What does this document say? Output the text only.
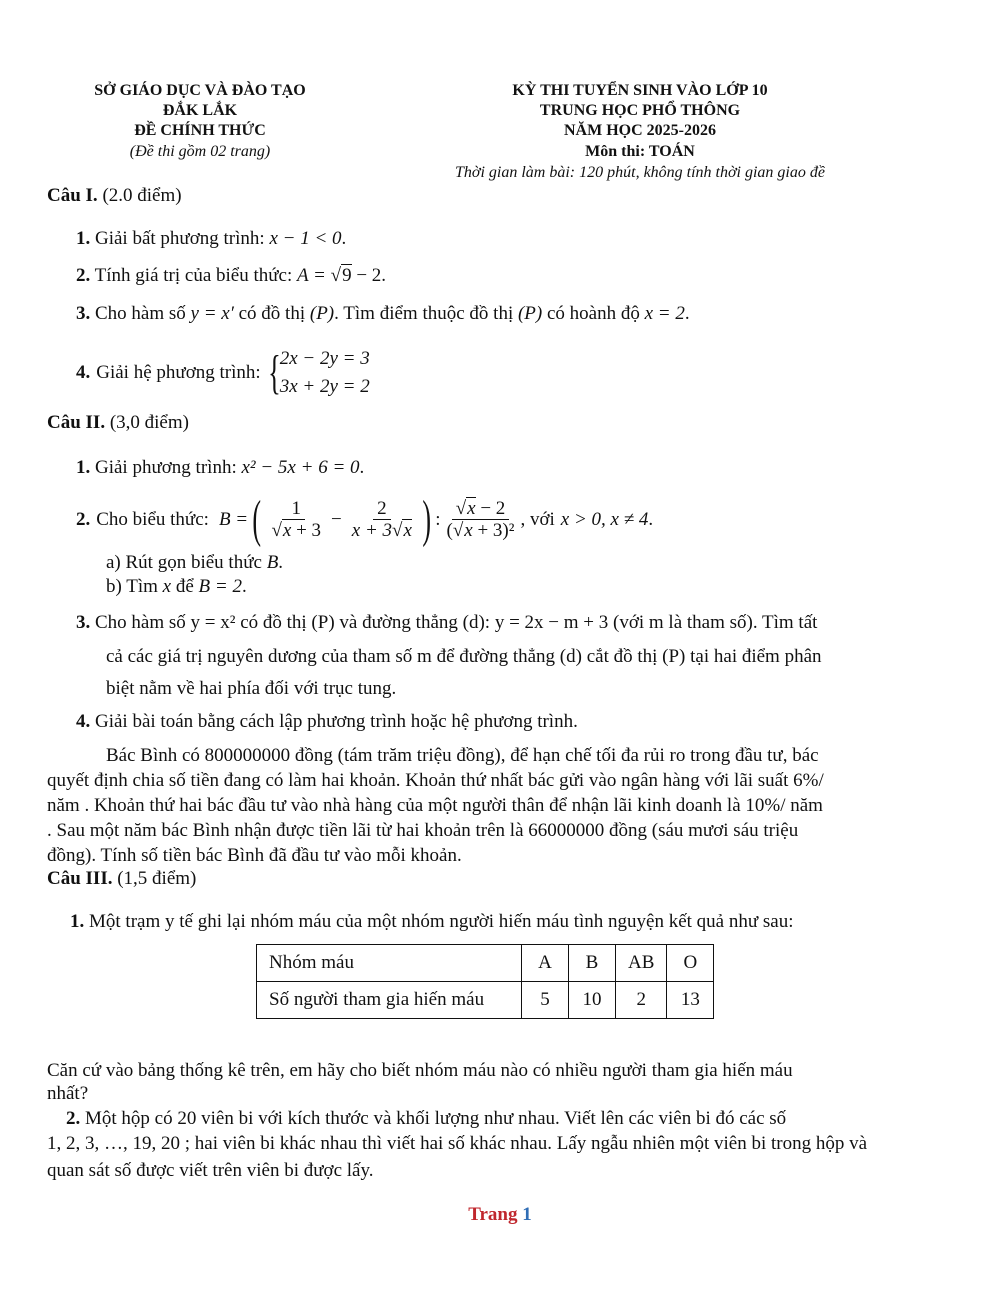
SỞ GIÁO DỤC VÀ ĐÀO TẠO
ĐẮK LẮK
ĐỀ CHÍNH THỨC
(Đề thi gồm 02 trang)
KỲ THI TUYỂN SINH VÀO LỚP 10
TRUNG HỌC PHỔ THÔNG
NĂM HỌC 2025-2026
Môn thi: TOÁN
Thời gian làm bài: 120 phút, không tính thời gian giao đề
Câu I. (2.0 điểm)
1. Giải bất phương trình: x − 1 < 0.
2. Tính giá trị của biểu thức: A = √9 − 2.
3. Cho hàm số y = x′ có đồ thị (P). Tìm điểm thuộc đồ thị (P) có hoành độ x = 2.
4. Giải hệ phương trình: { 2x − 2y = 3
3x + 2y = 2
Câu II. (3,0 điểm)
1. Giải phương trình: x² − 5x + 6 = 0.
2. Cho biểu thức: B = ( $\frac{1}{√x + 3} - \frac{2}{x + 3√x}$ ) : $\frac{√x - 2}{\text{(√x + 3)²}}$ , với x > 0, x ≠ 4 .
a) Rút gọn biểu thức B.
b) Tìm x để B = 2.
3. Cho hàm số y = x² có đồ thị (P) và đường thẳng (d): y = 2x − m + 3 (với m là tham số). Tìm tất
cả các giá trị nguyên dương của tham số m để đường thẳng (d) cắt đồ thị (P) tại hai điểm phân
biệt nằm về hai phía đối với trục tung.
4. Giải bài toán bằng cách lập phương trình hoặc hệ phương trình.
Bác Bình có 800000000 đồng (tám trăm triệu đồng), để hạn chế tối đa rủi ro trong đầu tư, bác
quyết định chia số tiền đang có làm hai khoản. Khoản thứ nhất bác gửi vào ngân hàng với lãi suất 6%/
năm . Khoản thứ hai bác đầu tư vào nhà hàng của một người thân để nhận lãi kinh doanh là 10%/ năm
. Sau một năm bác Bình nhận được tiền lãi từ hai khoản trên là 66000000 đồng (sáu mươi sáu triệu
đồng). Tính số tiền bác Bình đã đầu tư vào mỗi khoản.
Câu III. (1,5 điểm)
1. Một trạm y tế ghi lại nhóm máu của một nhóm người hiến máu tình nguyện kết quả như sau:
Nhóm máu	A	B	AB	O
Số người tham gia hiến máu	5	10	2	13
Căn cứ vào bảng thống kê trên, em hãy cho biết nhóm máu nào có nhiều người tham gia hiến máu
nhất?
2. Một hộp có 20 viên bi với kích thước và khối lượng như nhau. Viết lên các viên bi đó các số
1, 2, 3, …, 19, 20 ; hai viên bi khác nhau thì viết hai số khác nhau. Lấy ngẫu nhiên một viên bi trong hộp và
quan sát số được viết trên viên bi được lấy.
Trang 1
